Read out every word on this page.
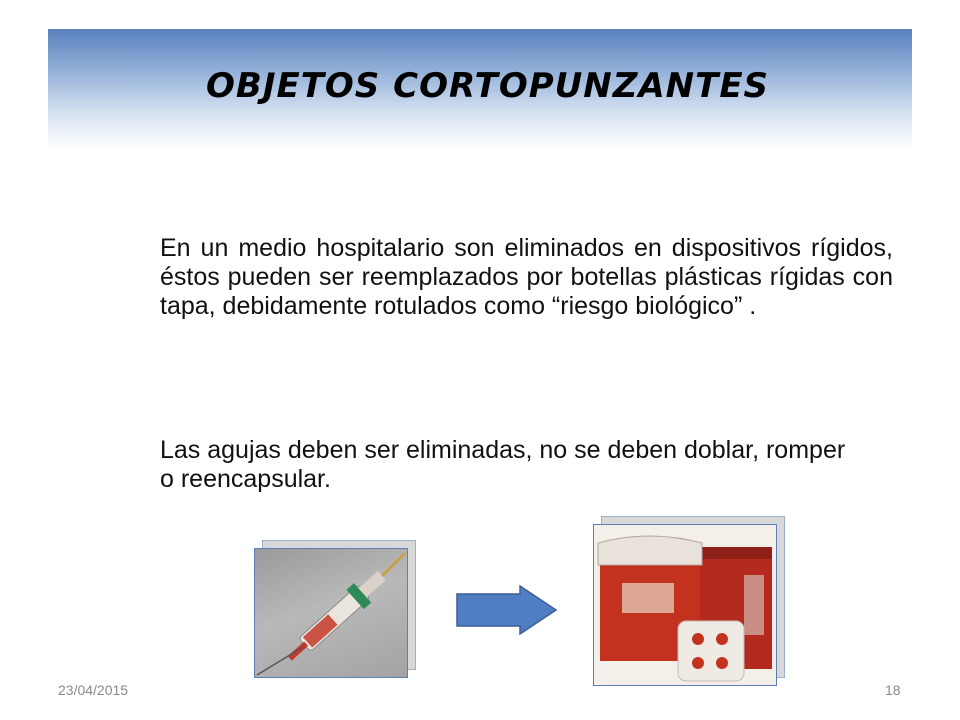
OBJETOS CORTOPUNZANTES

En un medio hospitalario son eliminados en dispositivos rígidos, éstos pueden ser reemplazados por botellas plásticas rígidas con tapa, debidamente rotulados como “riesgo biológico” .

Las agujas deben ser eliminadas, no se deben doblar, romper o reencapsular.

23/04/2015	18
